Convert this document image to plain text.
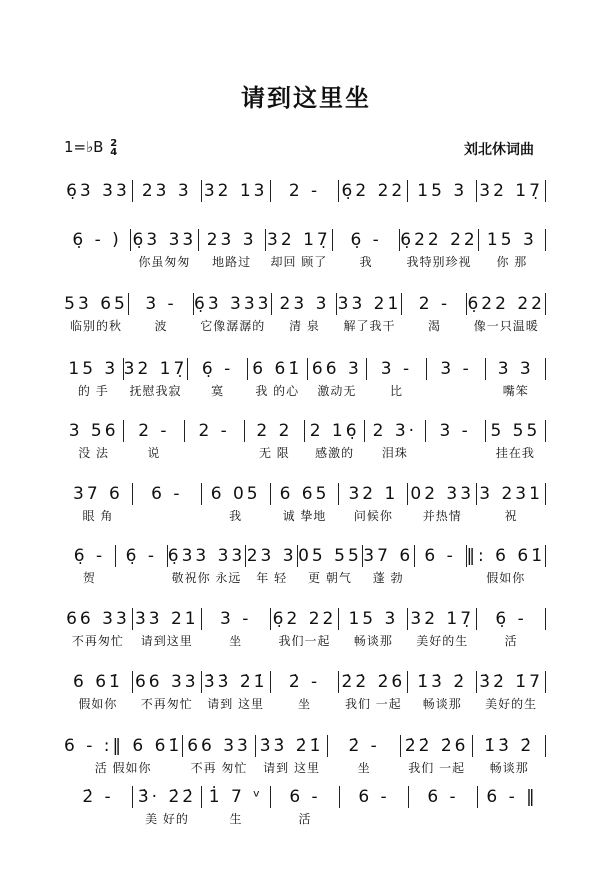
请到这里坐
1=♭B 2
4	刘北休词曲
6̣3 33 23 3 32 13	2 -	6̣2 22 15 3 32 17̣
6̣ - ) 6̣3 33
你虽匆匆
23 3
地路过
32 17̣
却回 顾了
6̣ -
我
6̣22 22
我特别珍视
15 3
你 那
53 65
临别的秋
3 -
波
6̣3 333
它像潺潺的
23 3
清 泉
33 21
解了我干
2 -
渴
6̣22 22
像一只温暖
15 3
的 手
32 17̣
抚慰我寂
6̣ -
寞
6 61̇
我 的心
66 3
激动无
3 -
比
3 -	3 3
嘴笨
3 56
没 法
2 -
说
2 -	2 2
无 限
2 16̣
感激的
2 3·
泪珠
3 -	5 55
挂在我
37 6
眼 角
6 -	6 05
我
6 65
诚 挚地
32 1
问候你
02 33
并热情
3 231
祝
6̣ -
贺
6̣ - 6̣33 33
敬祝你 永远
23 3
年 轻
05 55
更 朝气
37 6
蓬 勃
6 - ‖: 6 61̇
假如你
66 33
不再匆忙
33 21
请到这里
3 -
坐
6̣2 22
我们一起
15 3
畅谈那
32 17̣
美好的生
6̣ -
活
6 61̇
假如你
66 33
不再匆忙
3̇3̇ 2̇1̇
请到 这里
2̇ -
坐
2̇2̇ 2̇6
我们 一起
1̇3̇ 2̇
畅谈那
3̇2̇ 1̇7
美好的生
6 - :‖ 6 61̇
活 假如你
66 33
不再 匆忙
3̇3̇ 2̇1̇
请到 这里
2̇ -
坐
2̇2̇ 2̇6
我们 一起
1̇3̇ 2̇
畅谈那
2̇ -	3̇· 2̇2̇
美 好的
1̇ 7 ᵛ
生
6 -
活
6 -	6 -	6 - ‖
